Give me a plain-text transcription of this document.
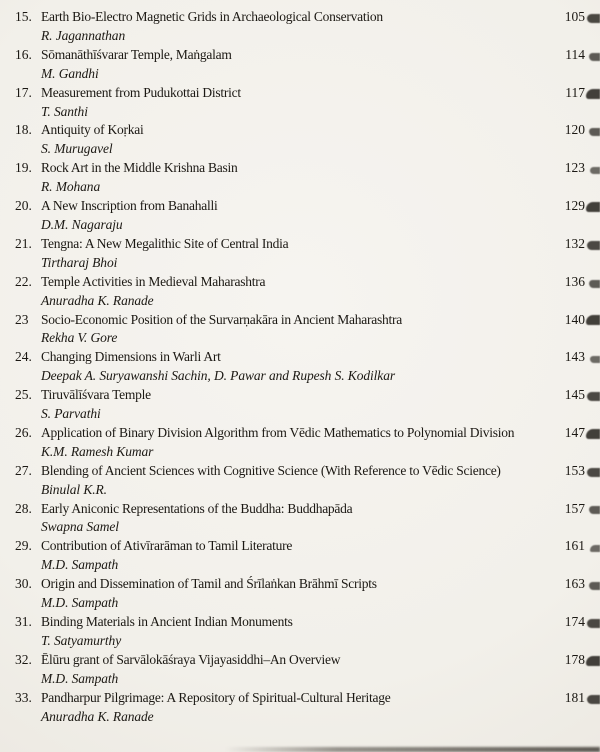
15. Earth Bio-Electro Magnetic Grids in Archaeological Conservation	105
R. Jagannathan
16. Sōmanāthīśvarar Temple, Maṅgalam	114
M. Gandhi
17. Measurement from Pudukottai District	117
T. Santhi
18. Antiquity of Koṛkai	120
S. Murugavel
19. Rock Art in the Middle Krishna Basin	123
R. Mohana
20. A New Inscription from Banahalli	129
D.M. Nagaraju
21. Tengna: A New Megalithic Site of Central India	132
Tirtharaj Bhoi
22. Temple Activities in Medieval Maharashtra	136
Anuradha K. Ranade
23 Socio-Economic Position of the Survarṇakāra in Ancient Maharashtra	140
Rekha V. Gore
24. Changing Dimensions in Warli Art	143
Deepak A. Suryawanshi Sachin, D. Pawar and Rupesh S. Kodilkar
25. Tiruvālīśvara Temple	145
S. Parvathi
26. Application of Binary Division Algorithm from Vēdic Mathematics to Polynomial Division	147
K.M. Ramesh Kumar
27. Blending of Ancient Sciences with Cognitive Science (With Reference to Vēdic Science)	153
Binulal K.R.
28. Early Aniconic Representations of the Buddha: Buddhapāda	157
Swapna Samel
29. Contribution of Ativīrarāman to Tamil Literature	161
M.D. Sampath
30. Origin and Dissemination of Tamil and Śrīlaṅkan Brāhmī Scripts	163
M.D. Sampath
31. Binding Materials in Ancient Indian Monuments	174
T. Satyamurthy
32. Ēlūru grant of Sarvālokāśraya Vijayasiddhi–An Overview	178
M.D. Sampath
33. Pandharpur Pilgrimage: A Repository of Spiritual-Cultural Heritage	181
Anuradha K. Ranade
